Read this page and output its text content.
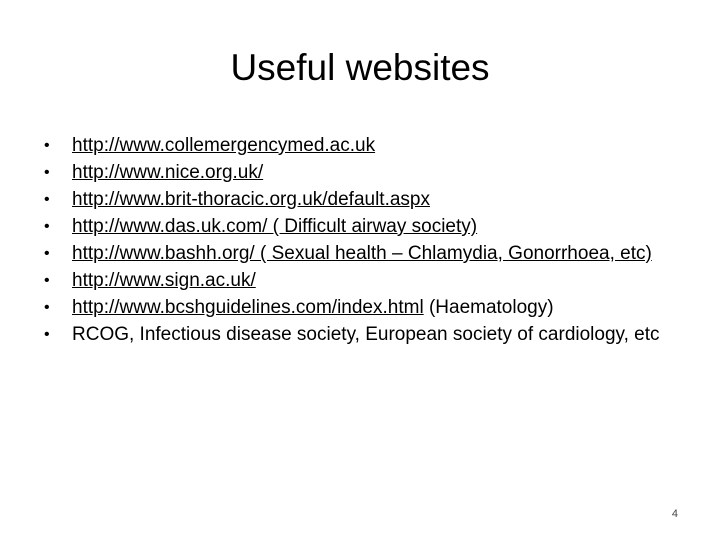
Useful websites
•	http://www.collemergencymed.ac.uk
•	http://www.nice.org.uk/
•	http://www.brit-thoracic.org.uk/default.aspx
•	http://www.das.uk.com/ ( Difficult airway society)
•	http://www.bashh.org/ ( Sexual health – Chlamydia, Gonorrhoea, etc)
•	http://www.sign.ac.uk/
•	http://www.bcshguidelines.com/index.html (Haematology)
•	RCOG, Infectious disease society, European society of cardiology, etc
4
